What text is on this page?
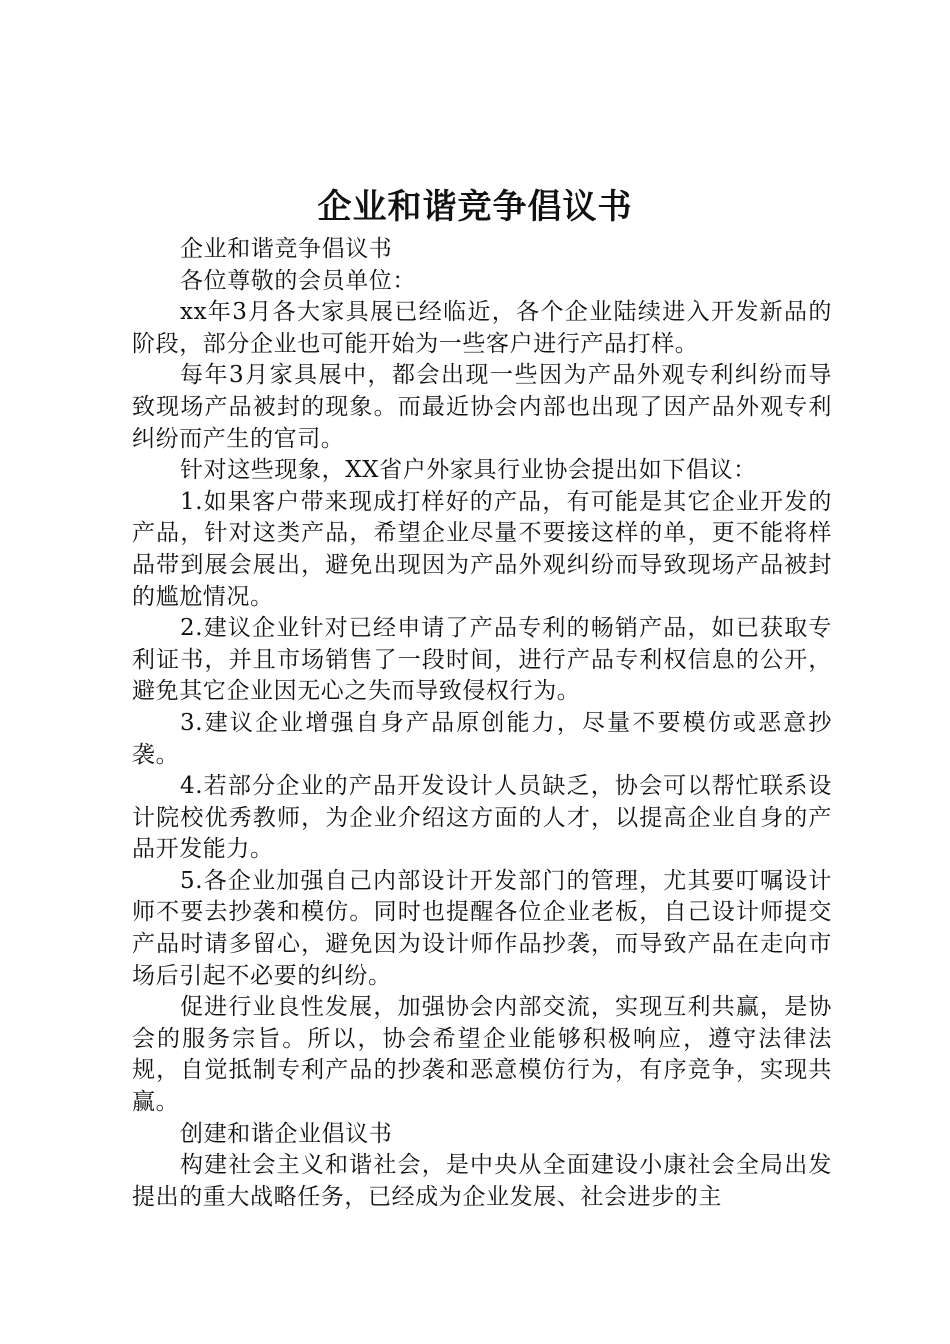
企业和谐竞争倡议书

企业和谐竞争倡议书

各位尊敬的会员单位：

xx年3月各大家具展已经临近，各个企业陆续进入开发新品的阶段，部分企业也可能开始为一些客户进行产品打样。

每年3月家具展中，都会出现一些因为产品外观专利纠纷而导致现场产品被封的现象。而最近协会内部也出现了因产品外观专利纠纷而产生的官司。

针对这些现象，XX省户外家具行业协会提出如下倡议：

1.如果客户带来现成打样好的产品，有可能是其它企业开发的产品，针对这类产品，希望企业尽量不要接这样的单，更不能将样品带到展会展出，避免出现因为产品外观纠纷而导致现场产品被封的尴尬情况。

2.建议企业针对已经申请了产品专利的畅销产品，如已获取专利证书，并且市场销售了一段时间，进行产品专利权信息的公开，避免其它企业因无心之失而导致侵权行为。

3.建议企业增强自身产品原创能力，尽量不要模仿或恶意抄袭。

4.若部分企业的产品开发设计人员缺乏，协会可以帮忙联系设计院校优秀教师，为企业介绍这方面的人才，以提高企业自身的产品开发能力。

5.各企业加强自己内部设计开发部门的管理，尤其要叮嘱设计师不要去抄袭和模仿。同时也提醒各位企业老板，自己设计师提交产品时请多留心，避免因为设计师作品抄袭，而导致产品在走向市场后引起不必要的纠纷。

促进行业良性发展，加强协会内部交流，实现互利共赢，是协会的服务宗旨。所以，协会希望企业能够积极响应，遵守法律法规，自觉抵制专利产品的抄袭和恶意模仿行为，有序竞争，实现共赢。

创建和谐企业倡议书

构建社会主义和谐社会，是中央从全面建设小康社会全局出发提出的重大战略任务，已经成为企业发展、社会进步的主
